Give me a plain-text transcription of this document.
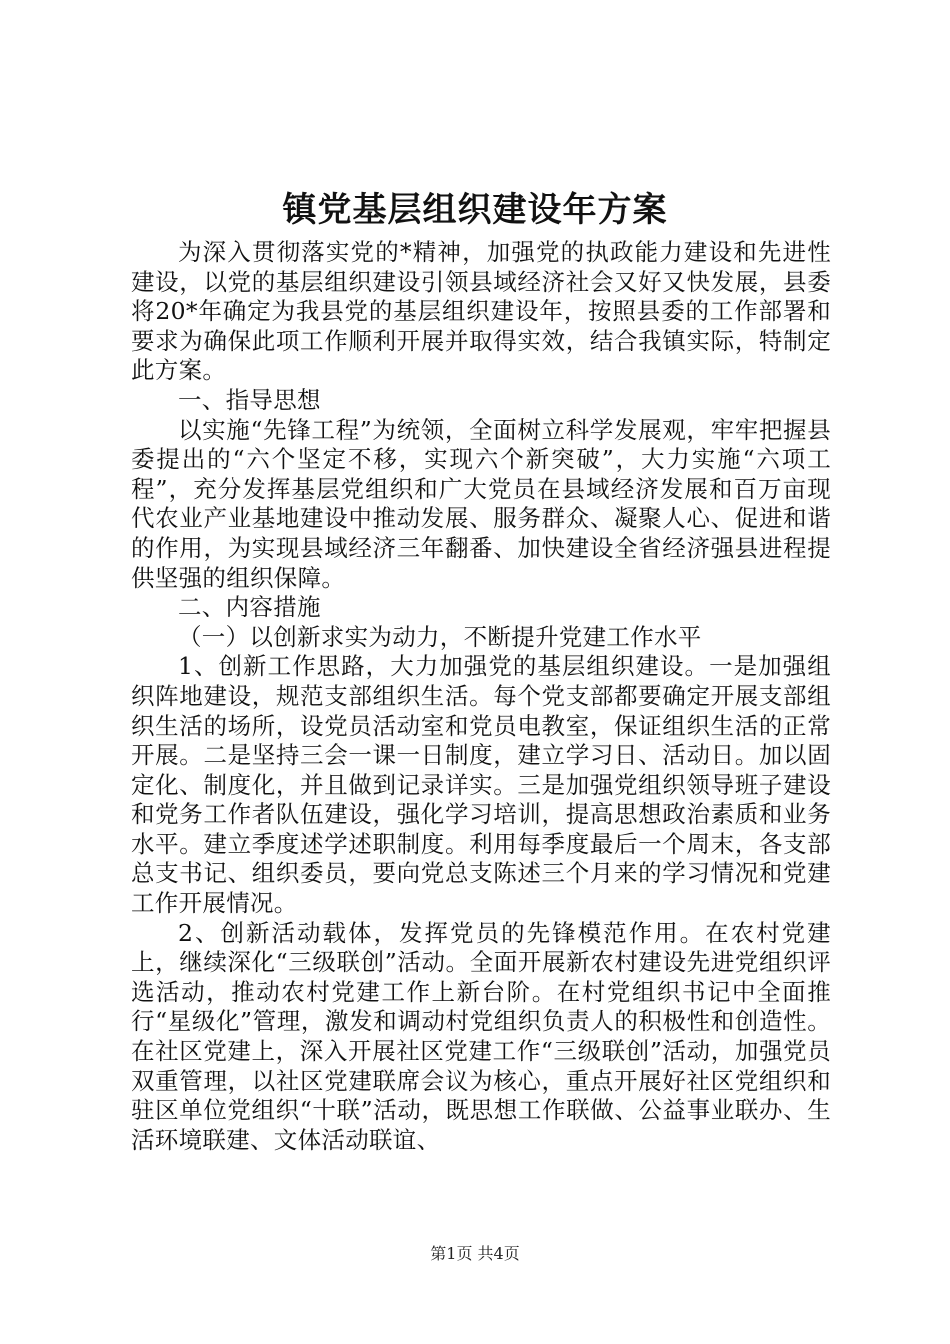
镇党基层组织建设年方案

为深入贯彻落实党的*精神，加强党的执政能力建设和先进性建设，以党的基层组织建设引领县域经济社会又好又快发展，县委将20*年确定为我县党的基层组织建设年，按照县委的工作部署和要求为确保此项工作顺利开展并取得实效，结合我镇实际，特制定此方案。

一、指导思想

以实施“先锋工程”为统领，全面树立科学发展观，牢牢把握县委提出的“六个坚定不移，实现六个新突破”，大力实施“六项工程”，充分发挥基层党组织和广大党员在县域经济发展和百万亩现代农业产业基地建设中推动发展、服务群众、凝聚人心、促进和谐的作用，为实现县域经济三年翻番、加快建设全省经济强县进程提供坚强的组织保障。

二、内容措施

（一）以创新求实为动力，不断提升党建工作水平

1、创新工作思路，大力加强党的基层组织建设。一是加强组织阵地建设，规范支部组织生活。每个党支部都要确定开展支部组织生活的场所，设党员活动室和党员电教室，保证组织生活的正常开展。二是坚持三会一课一日制度，建立学习日、活动日。加以固定化、制度化，并且做到记录详实。三是加强党组织领导班子建设和党务工作者队伍建设，强化学习培训，提高思想政治素质和业务水平。建立季度述学述职制度。利用每季度最后一个周末，各支部总支书记、组织委员，要向党总支陈述三个月来的学习情况和党建工作开展情况。

2、创新活动载体，发挥党员的先锋模范作用。在农村党建上，继续深化“三级联创”活动。全面开展新农村建设先进党组织评选活动，推动农村党建工作上新台阶。在村党组织书记中全面推行“星级化”管理，激发和调动村党组织负责人的积极性和创造性。在社区党建上，深入开展社区党建工作“三级联创”活动，加强党员双重管理，以社区党建联席会议为核心，重点开展好社区党组织和驻区单位党组织“十联”活动，既思想工作联做、公益事业联办、生活环境联建、文体活动联谊、

第1页 共4页
